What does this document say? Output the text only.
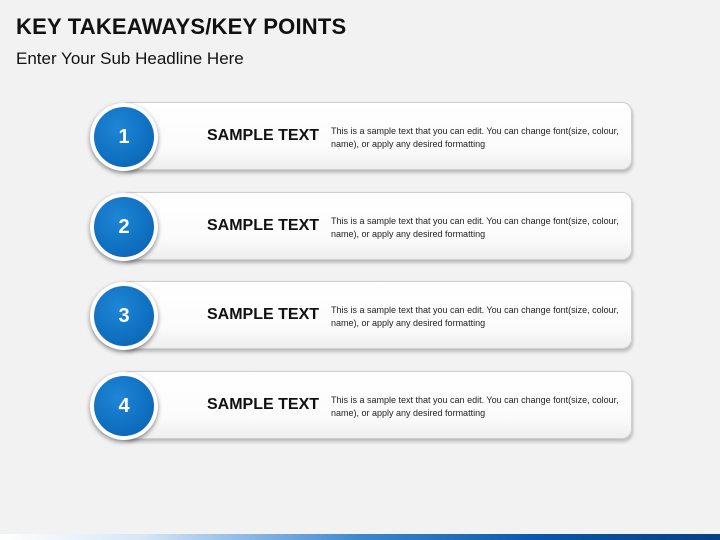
KEY TAKEAWAYS/KEY POINTS
Enter Your Sub Headline Here
SAMPLE TEXT This is a sample text that you can edit. You can change font(size, colour, name), or apply any desired formatting
1
SAMPLE TEXT This is a sample text that you can edit. You can change font(size, colour, name), or apply any desired formatting
2
SAMPLE TEXT This is a sample text that you can edit. You can change font(size, colour, name), or apply any desired formatting
3
SAMPLE TEXT This is a sample text that you can edit. You can change font(size, colour, name), or apply any desired formatting
4
